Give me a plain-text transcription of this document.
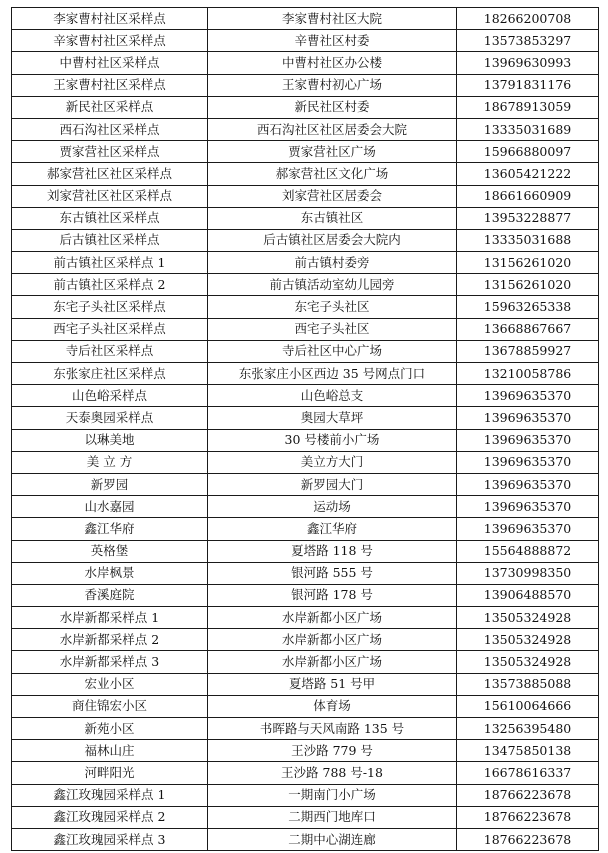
李家曹村社区采样点	李家曹村社区大院	18266200708
辛家曹村社区采样点	辛曹社区村委	13573853297
中曹村社区采样点	中曹村社区办公楼	13969630993
王家曹村社区采样点	王家曹村初心广场	13791831176
新民社区采样点	新民社区村委	18678913059
西石沟社区采样点	西石沟社区社区居委会大院	13335031689
贾家营社区采样点	贾家营社区广场	15966880097
郝家营社区社区采样点	郝家营社区文化广场	13605421222
刘家营社区社区采样点	刘家营社区居委会	18661660909
东古镇社区采样点	东古镇社区	13953228877
后古镇社区采样点	后古镇社区居委会大院内	13335031688
前古镇社区采样点 1	前古镇村委旁	13156261020
前古镇社区采样点 2	前古镇活动室幼儿园旁	13156261020
东宅子头社区采样点	东宅子头社区	15963265338
西宅子头社区采样点	西宅子头社区	13668867667
寺后社区采样点	寺后社区中心广场	13678859927
东张家庄社区采样点	东张家庄小区西边 35 号网点门口	13210058786
山色峪采样点	山色峪总支	13969635370
天泰奥园采样点	奥园大草坪	13969635370
以琳美地	30 号楼前小广场	13969635370
美 立 方	美立方大门	13969635370
新罗园	新罗园大门	13969635370
山水嘉园	运动场	13969635370
鑫江华府	鑫江华府	13969635370
英格堡	夏塔路 118 号	15564888872
水岸枫景	银河路 555 号	13730998350
香溪庭院	银河路 178 号	13906488570
水岸新都采样点 1	水岸新都小区广场	13505324928
水岸新都采样点 2	水岸新都小区广场	13505324928
水岸新都采样点 3	水岸新都小区广场	13505324928
宏业小区	夏塔路 51 号甲	13573885088
商住锦宏小区	体育场	15610064666
新苑小区	书晖路与天风南路 135 号	13256395480
福林山庄	王沙路 779 号	13475850138
河畔阳光	王沙路 788 号-18	16678616337
鑫江玫瑰园采样点 1	一期南门小广场	18766223678
鑫江玫瑰园采样点 2	二期西门地库口	18766223678
鑫江玫瑰园采样点 3	二期中心湖连廊	18766223678
